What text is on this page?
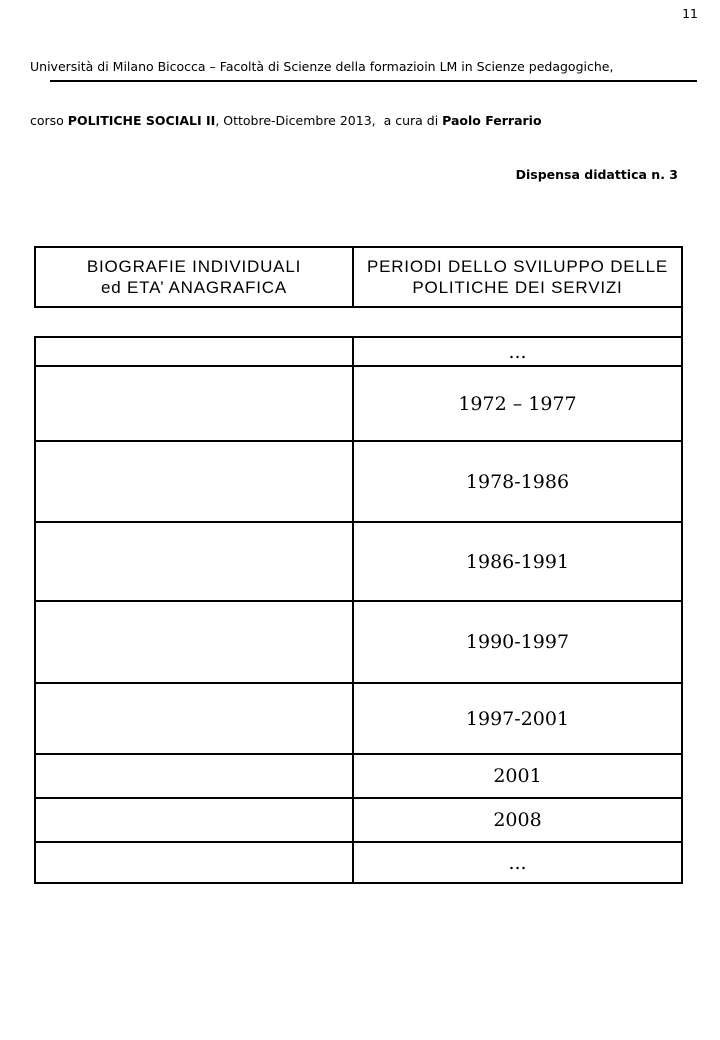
11

Università di Milano Bicocca – Facoltà di Scienze della formazioin LM in Scienze pedagogiche,

corso POLITICHE SOCIALI II, Ottobre-Dicembre 2013,  a cura di Paolo Ferrario

Dispensa didattica n. 3

BIOGRAFIE INDIVIDUALI
ed ETA’ ANAGRAFICA
PERIODI DELLO SVILUPPO DELLE
POLITICHE DEI SERVIZI
...
1972 – 1977
1978-1986
1986-1991
1990-1997
1997-2001
2001
2008
...
